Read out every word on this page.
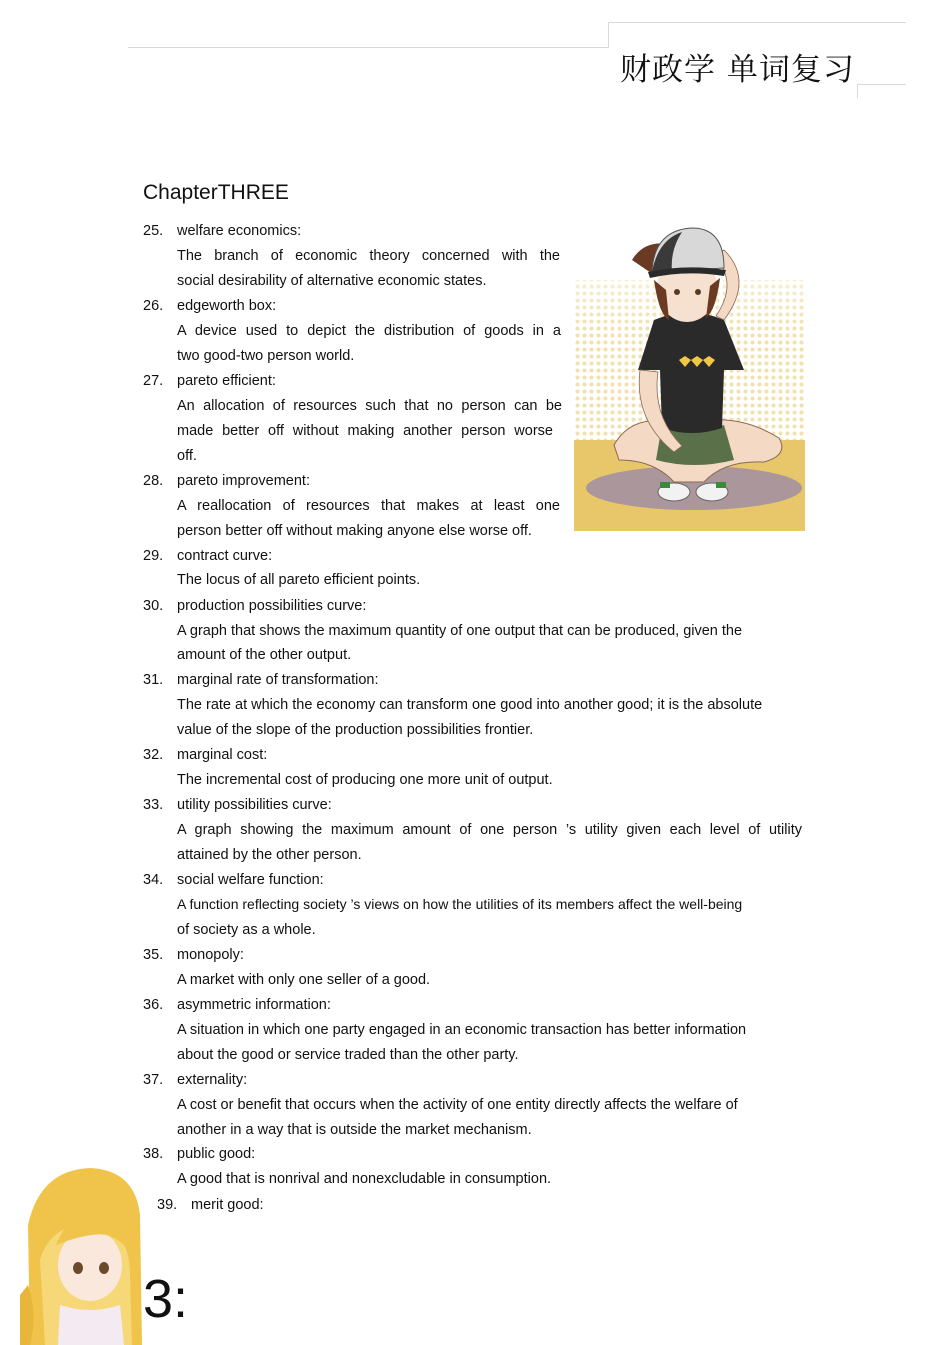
财政学 单词复习
ChapterTHREE
25. welfare economics:
The branch of economic theory concerned with the
social desirability of alternative economic states.
26. edgeworth box:
A device used to depict the distribution of goods in a
two good-two person world.
27. pareto efficient:
An allocation of resources such that no person can be
made better off without making another person worse
off.
28. pareto improvement:
A reallocation of resources that makes at least one
person better off without making anyone else worse off.
29. contract curve:
The locus of all pareto efficient points.
30. production possibilities curve:
A graph that shows the maximum quantity of one output that can be produced, given the
amount of the other output.
31. marginal rate of transformation:
The rate at which the economy can transform one good into another good; it is the absolute
value of the slope of the production possibilities frontier.
32. marginal cost:
The incremental cost of producing one more unit of output.
33. utility possibilities curve:
A graph showing the maximum amount of one person ’s utility given each level of utility
attained by the other person.
34. social welfare function:
A function reflecting society ’s views on how the utilities of its members affect the well-being
of society as a whole.
35. monopoly:
A market with only one seller of a good.
36. asymmetric information:
A situation in which one party engaged in an economic transaction has better information
about the good or service traded than the other party.
37. externality:
A cost or benefit that occurs when the activity of one entity directly affects the welfare of
another in a way that is outside the market mechanism.
38. public good:
A good that is nonrival and nonexcludable in consumption.
39. merit good:
3:
